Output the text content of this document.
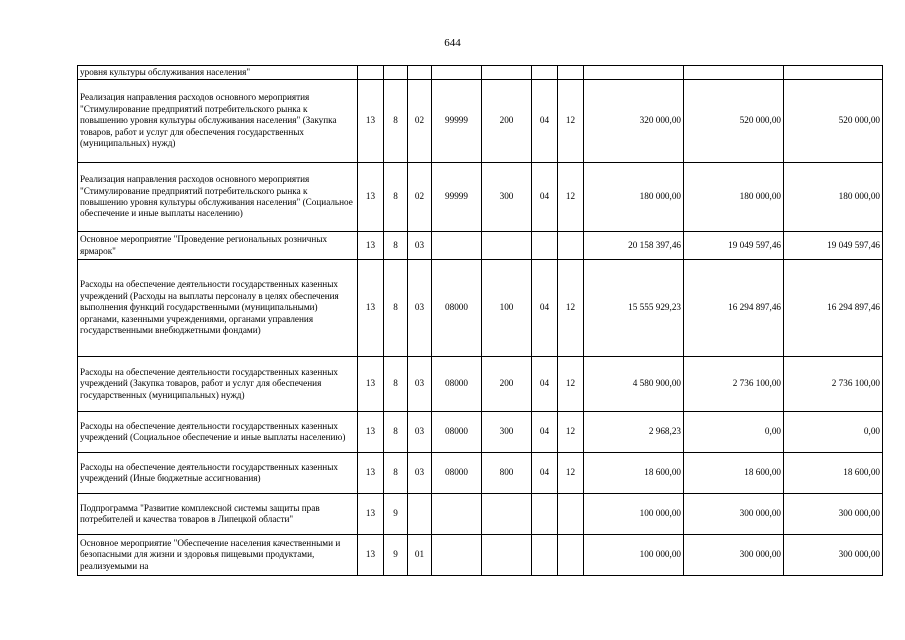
644
уровня культуры обслуживания населения"										
Реализация направления расходов основного мероприятия "Стимулирование предприятий потребительского рынка к повышению уровня культуры обслуживания населения" (Закупка товаров, работ и услуг для обеспечения государственных (муниципальных) нужд)	13	8	02	99999	200	04	12	320 000,00	520 000,00	520 000,00
Реализация направления расходов основного мероприятия "Стимулирование предприятий потребительского рынка к повышению уровня культуры обслуживания населения" (Социальное обеспечение и иные выплаты населению)	13	8	02	99999	300	04	12	180 000,00	180 000,00	180 000,00
Основное мероприятие "Проведение региональных розничных ярмарок"	13	8	03					20 158 397,46	19 049 597,46	19 049 597,46
Расходы на обеспечение деятельности государственных казенных учреждений (Расходы на выплаты персоналу в целях обеспечения выполнения функций государственными (муниципальными) органами, казенными учреждениями, органами управления государственными внебюджетными фондами)	13	8	03	08000	100	04	12	15 555 929,23	16 294 897,46	16 294 897,46
Расходы на обеспечение деятельности государственных казенных учреждений (Закупка товаров, работ и услуг для обеспечения государственных (муниципальных) нужд)	13	8	03	08000	200	04	12	4 580 900,00	2 736 100,00	2 736 100,00
Расходы на обеспечение деятельности государственных казенных учреждений (Социальное обеспечение и иные выплаты населению)	13	8	03	08000	300	04	12	2 968,23	0,00	0,00
Расходы на обеспечение деятельности государственных казенных учреждений (Иные бюджетные ассигнования)	13	8	03	08000	800	04	12	18 600,00	18 600,00	18 600,00
Подпрограмма "Развитие комплексной системы защиты прав потребителей и качества товаров в Липецкой области"	13	9						100 000,00	300 000,00	300 000,00
Основное мероприятие "Обеспечение населения качественными и безопасными для жизни и здоровья пищевыми продуктами, реализуемыми на	13	9	01					100 000,00	300 000,00	300 000,00
